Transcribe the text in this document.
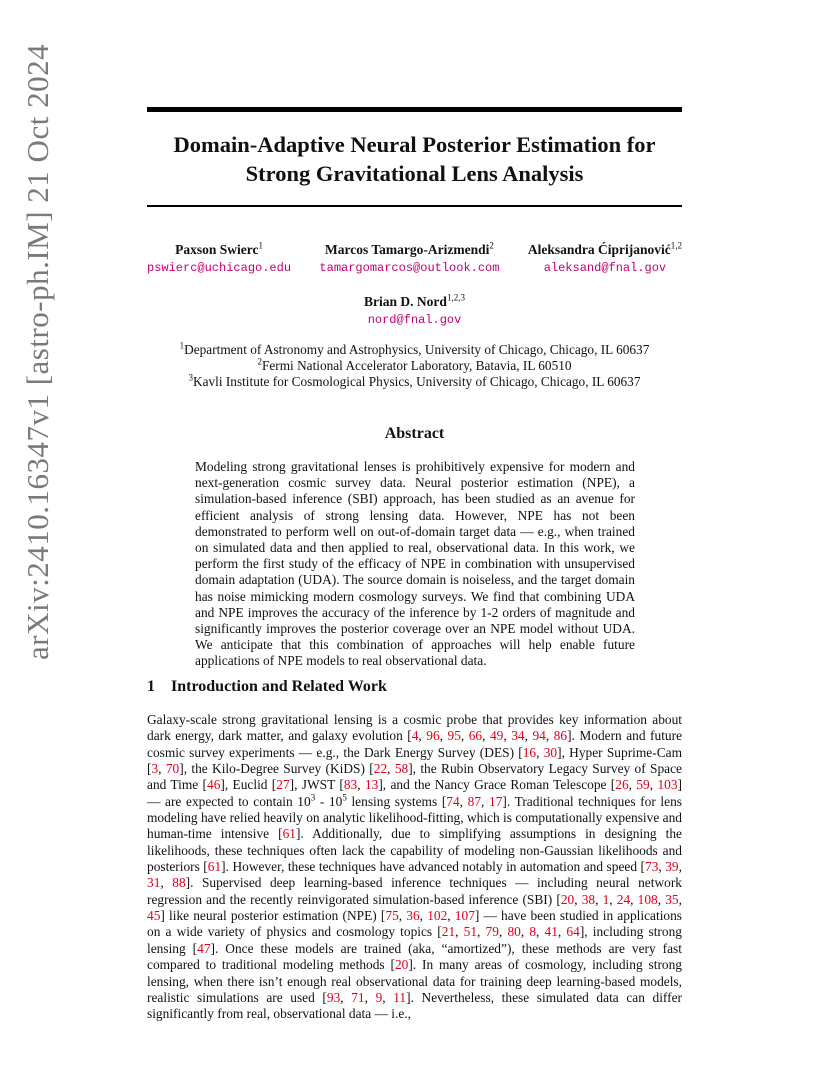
arXiv:2410.16347v1 [astro-ph.IM] 21 Oct 2024	Domain-Adaptive Neural Posterior Estimation for
Strong Gravitational Lens Analysis
Paxson Swierc$^1$
pswierc@uchicago.edu
Marcos Tamargo-Arizmendi$^2$
tamargomarcos@outlook.com
Aleksandra Ćiprijanović$^{1,2}$
aleksand@fnal.gov
Brian D. Nord$^{1,2,3}$
nord@fnal.gov
$^1$Department of Astronomy and Astrophysics, University of Chicago, Chicago, IL 60637
$^2$Fermi National Accelerator Laboratory, Batavia, IL 60510
$^3$Kavli Institute for Cosmological Physics, University of Chicago, Chicago, IL 60637
Abstract
Modeling strong gravitational lenses is prohibitively expensive for modern and next-generation cosmic survey data. Neural posterior estimation (NPE), a simulation-based inference (SBI) approach, has been studied as an avenue for efficient analysis of strong lensing data. However, NPE has not been demonstrated to perform well on out-of-domain target data — e.g., when trained on simulated data and then applied to real, observational data. In this work, we perform the first study of the efficacy of NPE in combination with unsupervised domain adaptation (UDA). The source domain is noiseless, and the target domain has noise mimicking modern cosmology surveys. We find that combining UDA and NPE improves the accuracy of the inference by 1-2 orders of magnitude and significantly improves the posterior coverage over an NPE model without UDA. We anticipate that this combination of approaches will help enable future applications of NPE models to real observational data.
1 Introduction and Related Work
Galaxy-scale strong gravitational lensing is a cosmic probe that provides key information about dark energy, dark matter, and galaxy evolution [4, 96, 95, 66, 49, 34, 94, 86]. Modern and future cosmic survey experiments — e.g., the Dark Energy Survey (DES) [16, 30], Hyper Suprime-Cam [3, 70], the Kilo-Degree Survey (KiDS) [22, 58], the Rubin Observatory Legacy Survey of Space and Time [46], Euclid [27], JWST [83, 13], and the Nancy Grace Roman Telescope [26, 59, 103] — are expected to contain $10^3 - 10^5$ lensing systems [74, 87, 17]. Traditional techniques for lens modeling have relied heavily on analytic likelihood-fitting, which is computationally expensive and human-time intensive [61]. Additionally, due to simplifying assumptions in designing the likelihoods, these techniques often lack the capability of modeling non-Gaussian likelihoods and posteriors [61]. However, these techniques have advanced notably in automation and speed [73, 39, 31, 88]. Supervised deep learning-based inference techniques — including neural network regression and the recently reinvigorated simulation-based inference (SBI) [20, 38, 1, 24, 108, 35, 45] like neural posterior estimation (NPE) [75, 36, 102, 107] — have been studied in applications on a wide variety of physics and cosmology topics [21, 51, 79, 80, 8, 41, 64], including strong lensing [47]. Once these models are trained (aka, “amortized”), these methods are very fast compared to traditional modeling methods [20]. In many areas of cosmology, including strong lensing, when there isn’t enough real observational data for training deep learning-based models, realistic simulations are used [93, 71, 9, 11]. Nevertheless, these simulated data can differ significantly from real, observational data — i.e.,
